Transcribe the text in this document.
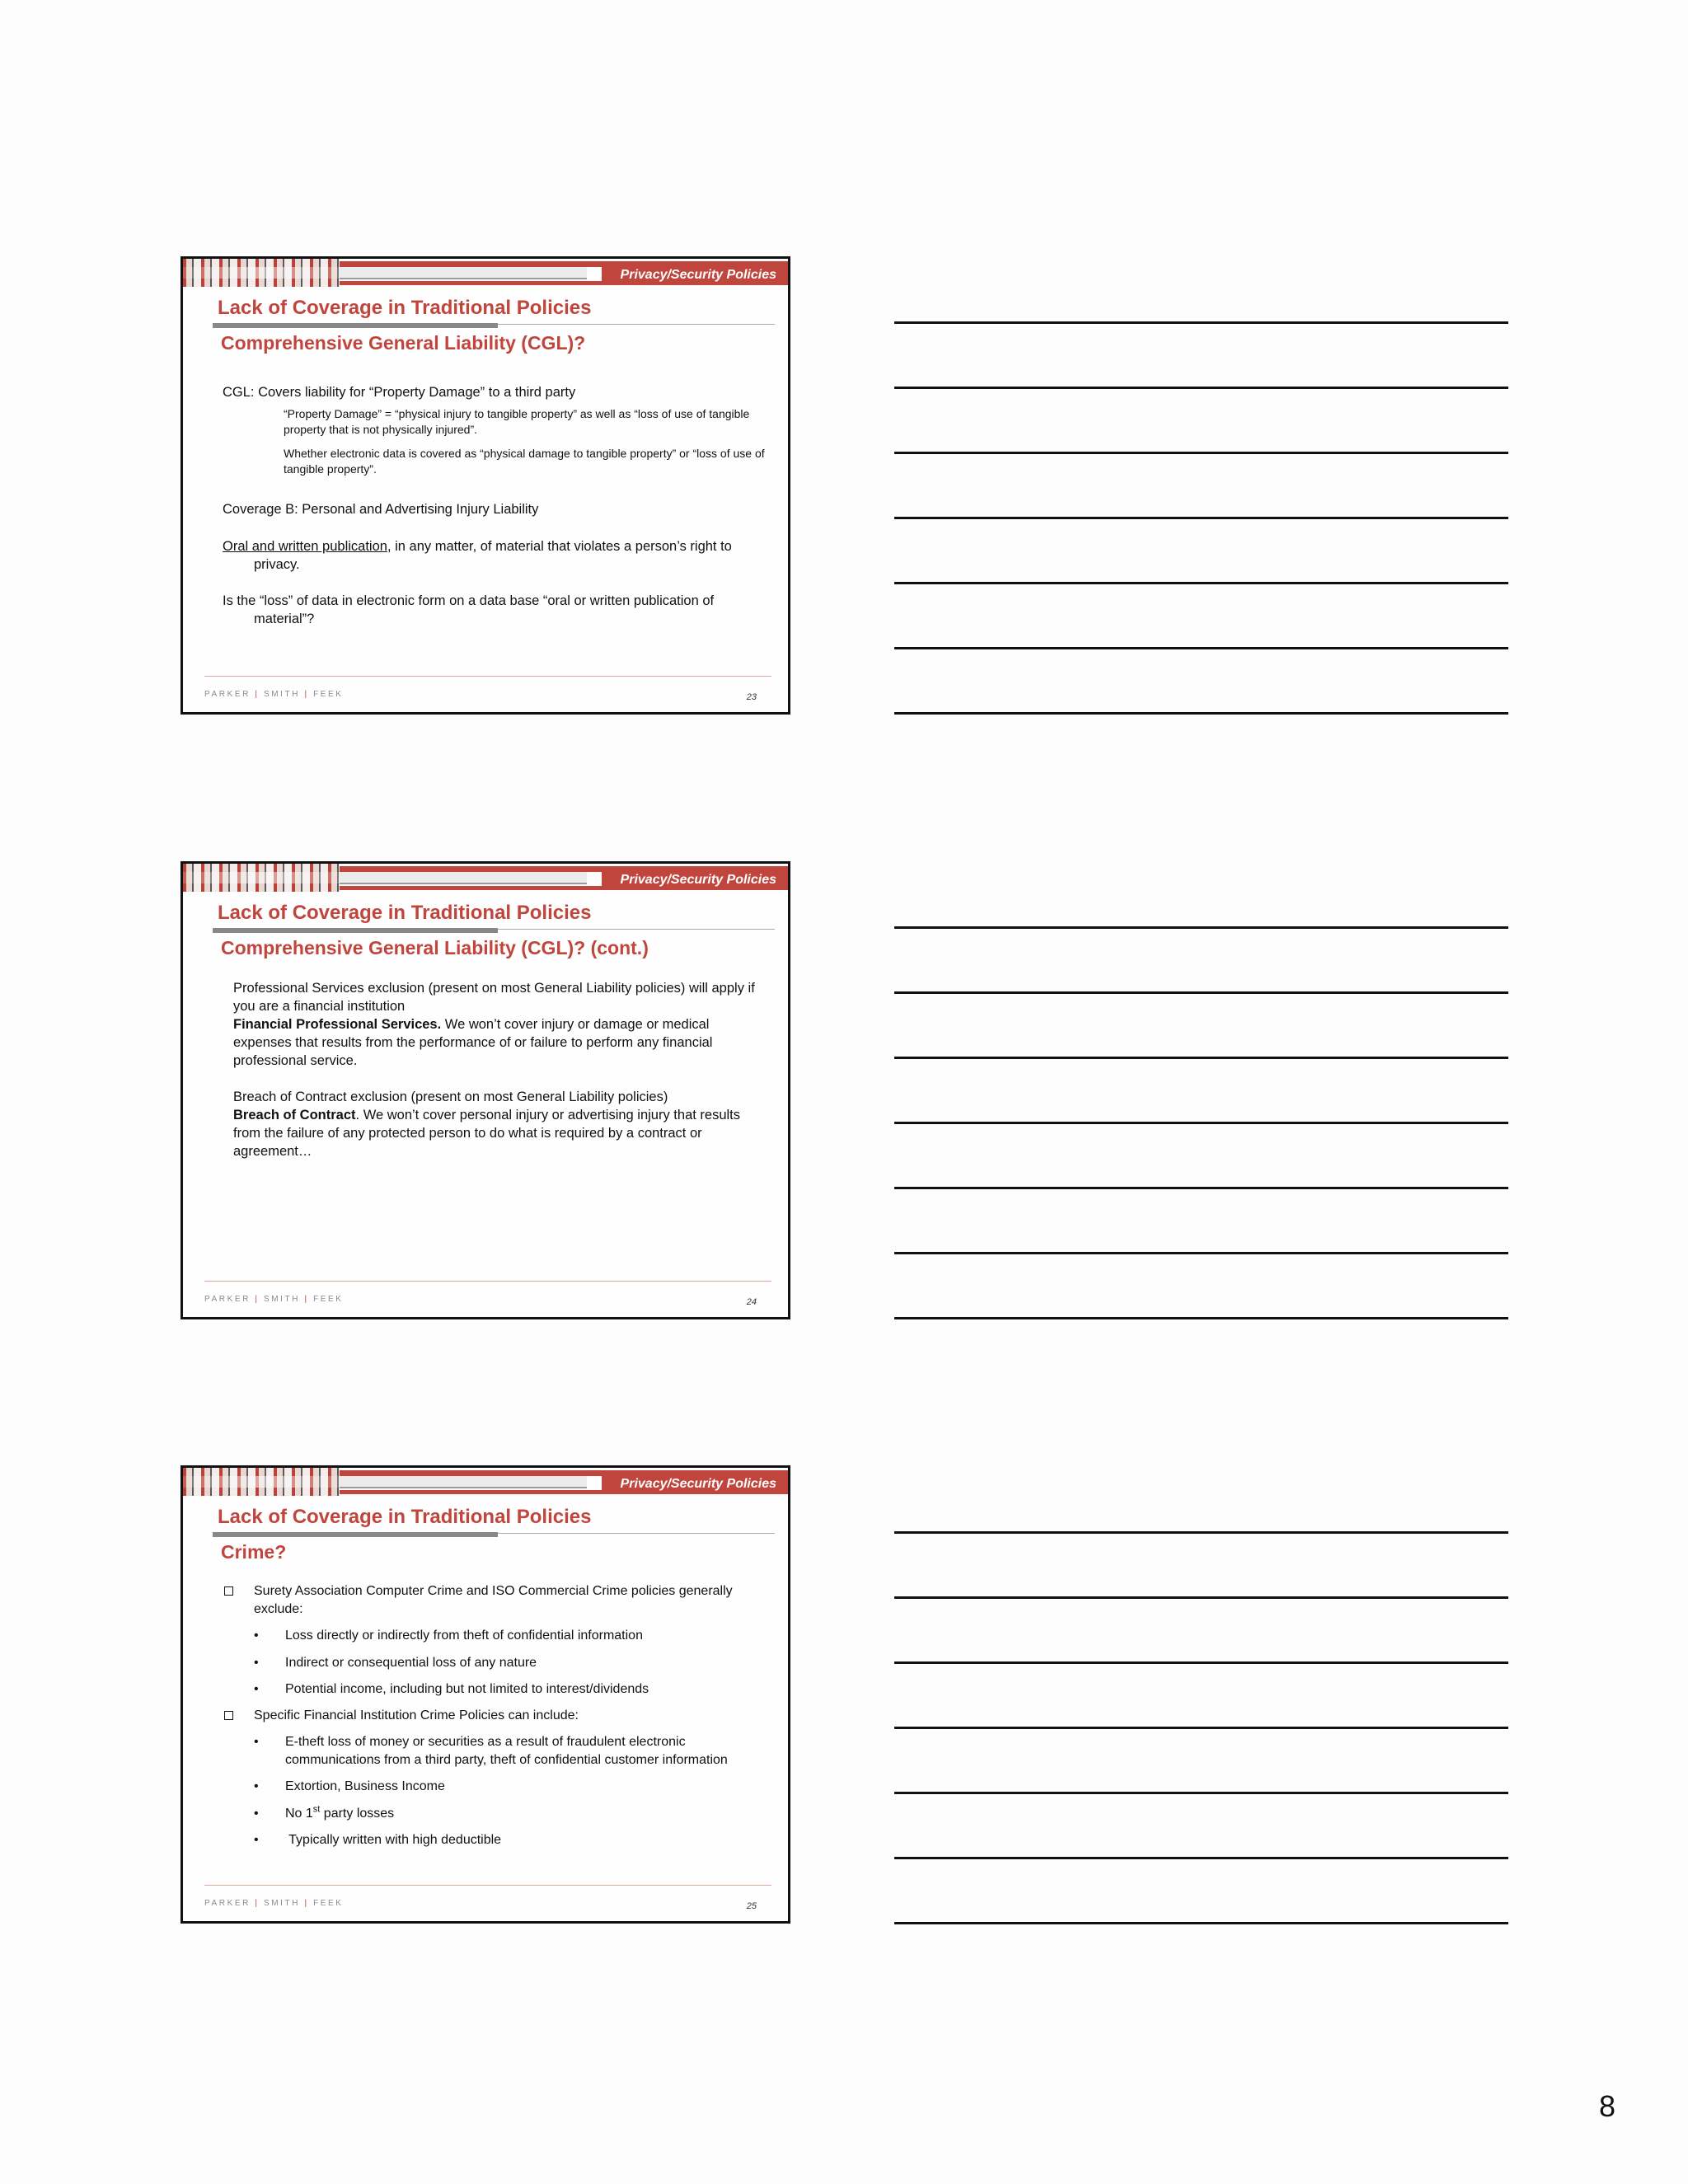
Privacy/Security Policies
Lack of Coverage in Traditional Policies
Comprehensive General Liability (CGL)?

CGL: Covers liability for “Property Damage” to a third party

“Property Damage” = “physical injury to tangible property” as well as “loss of use of tangible property that is not physically injured”.

Whether electronic data is covered as “physical damage to tangible property” or “loss of use of tangible property”.

Coverage B: Personal and Advertising Injury Liability

Oral and written publication, in any matter, of material that violates a person’s right to privacy.

Is the “loss” of data in electronic form on a data base “oral or written publication of material”?

PARKER | SMITH | FEEK	23
Privacy/Security Policies
Lack of Coverage in Traditional Policies
Comprehensive General Liability (CGL)? (cont.)

Professional Services exclusion (present on most General Liability policies) will apply if you are a financial institution

Financial Professional Services. We won’t cover injury or damage or medical expenses that results from the performance of or failure to perform any financial professional service.

Breach of Contract exclusion (present on most General Liability policies)

Breach of Contract. We won’t cover personal injury or advertising injury that results from the failure of any protected person to do what is required by a contract or agreement…

PARKER | SMITH | FEEK	24
Privacy/Security Policies
Lack of Coverage in Traditional Policies
Crime?
Surety Association Computer Crime and ISO Commercial Crime policies generally exclude:
• Loss directly or indirectly from theft of confidential information
• Indirect or consequential loss of any nature
• Potential income, including but not limited to interest/dividends
Specific Financial Institution Crime Policies can include:
• E-theft loss of money or securities as a result of fraudulent electronic communications from a third party, theft of confidential customer information
• Extortion, Business Income
• No 1st party losses
•  Typically written with high deductible
PARKER | SMITH | FEEK	25
8
